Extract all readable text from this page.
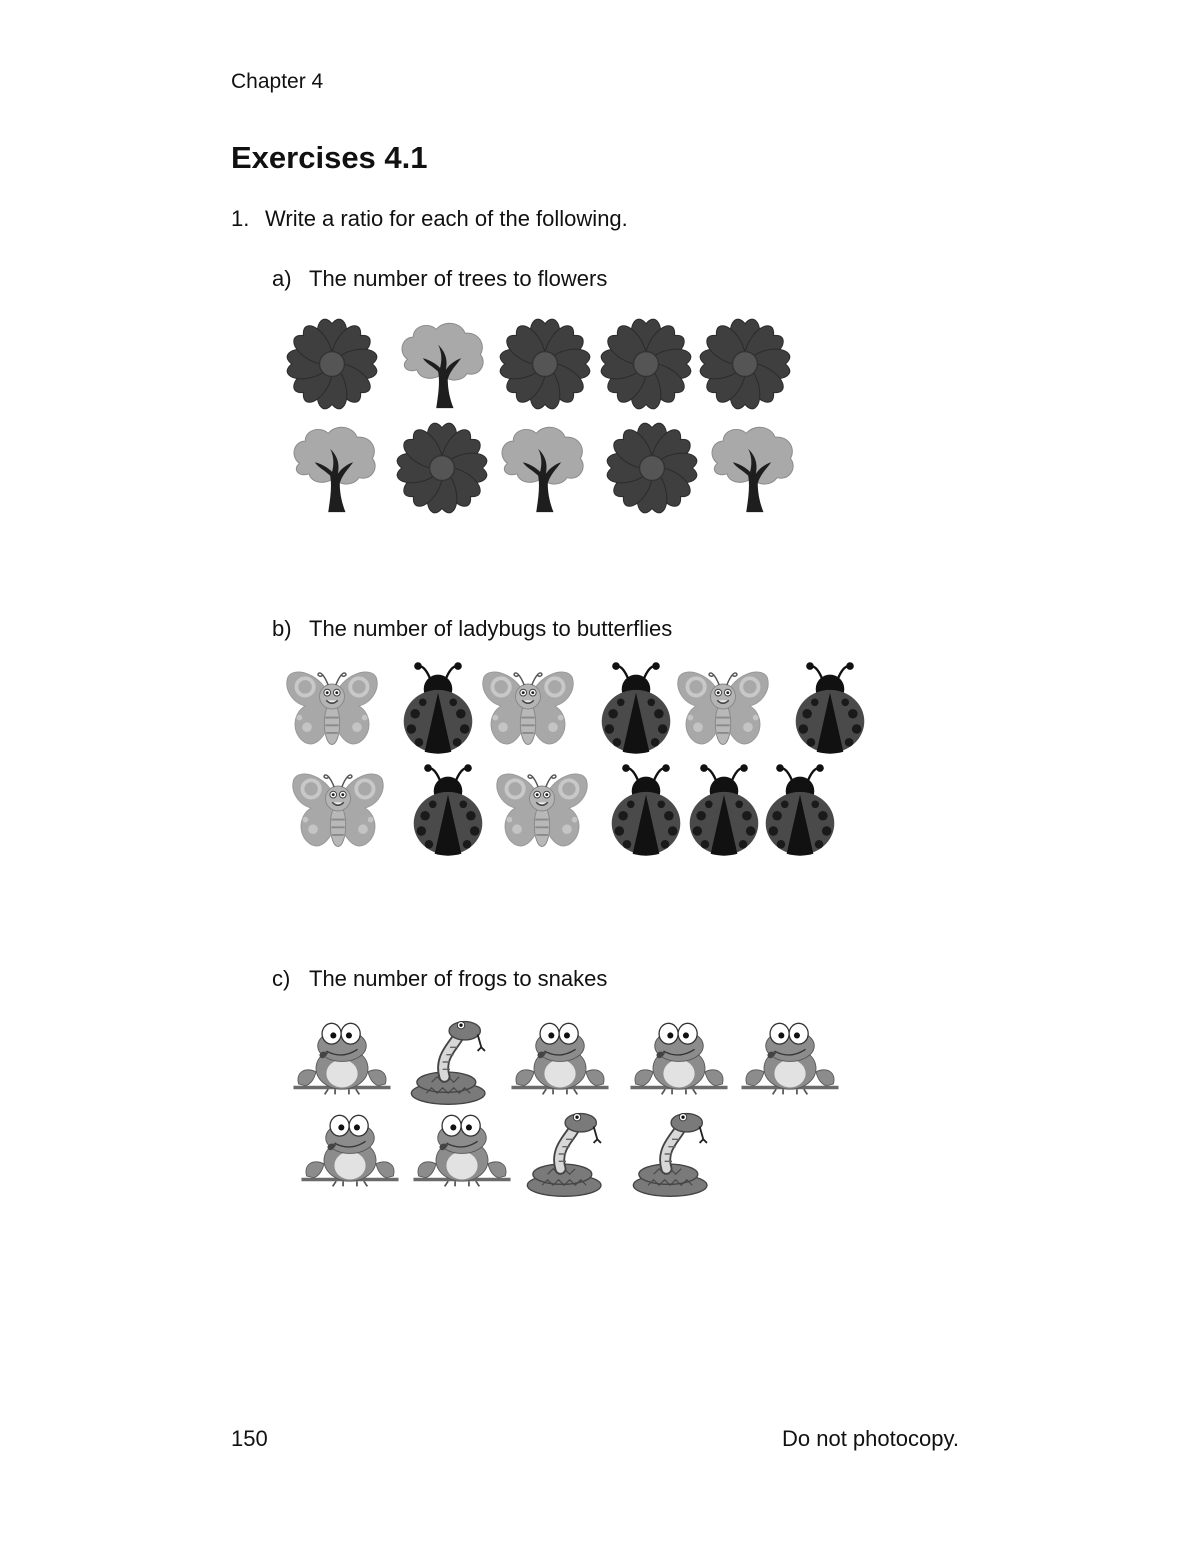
Chapter 4
Exercises 4.1
1. Write a ratio for each of the following.
a) The number of trees to flowers
b) The number of ladybugs to butterflies
c) The number of frogs to snakes
150	Do not photocopy.
